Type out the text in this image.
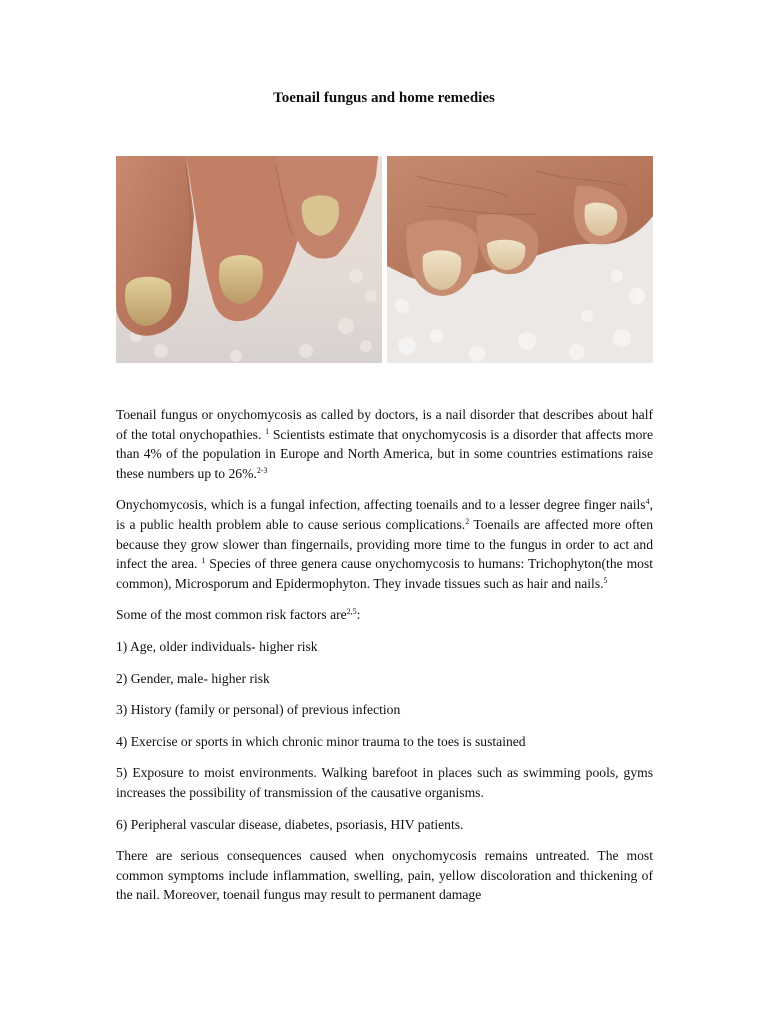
Toenail fungus and home remedies

Toenail fungus or onychomycosis as called by doctors, is a nail disorder that describes about half of the total onychopathies. $^1$ Scientists estimate that onychomycosis is a disorder that affects more than 4% of the population in Europe and North America, but in some countries estimations raise these numbers up to 26%.$^{2-3}$

Onychomycosis, which is a fungal infection, affecting toenails and to a lesser degree finger nails$^4$, is a public health problem able to cause serious complications.$^2$ Toenails are affected more often because they grow slower than fingernails, providing more time to the fungus in order to act and infect the area. $^1$ Species of three genera cause onychomycosis to humans: Trichophyton(the most common), Microsporum and Epidermophyton. They invade tissues such as hair and nails.$^5$

Some of the most common risk factors are$^{2,5}$:

1) Age, older individuals- higher risk

2) Gender, male- higher risk

3) History (family or personal) of previous infection

4) Exercise or sports in which chronic minor trauma to the toes is sustained

5) Exposure to moist environments. Walking barefoot in places such as swimming pools, gyms increases the possibility of transmission of the causative organisms.

6) Peripheral vascular disease, diabetes, psoriasis, HIV patients.

There are serious consequences caused when onychomycosis remains untreated. The most common symptoms include inflammation, swelling, pain, yellow discoloration and thickening of the nail. Moreover, toenail fungus may result to permanent damage
